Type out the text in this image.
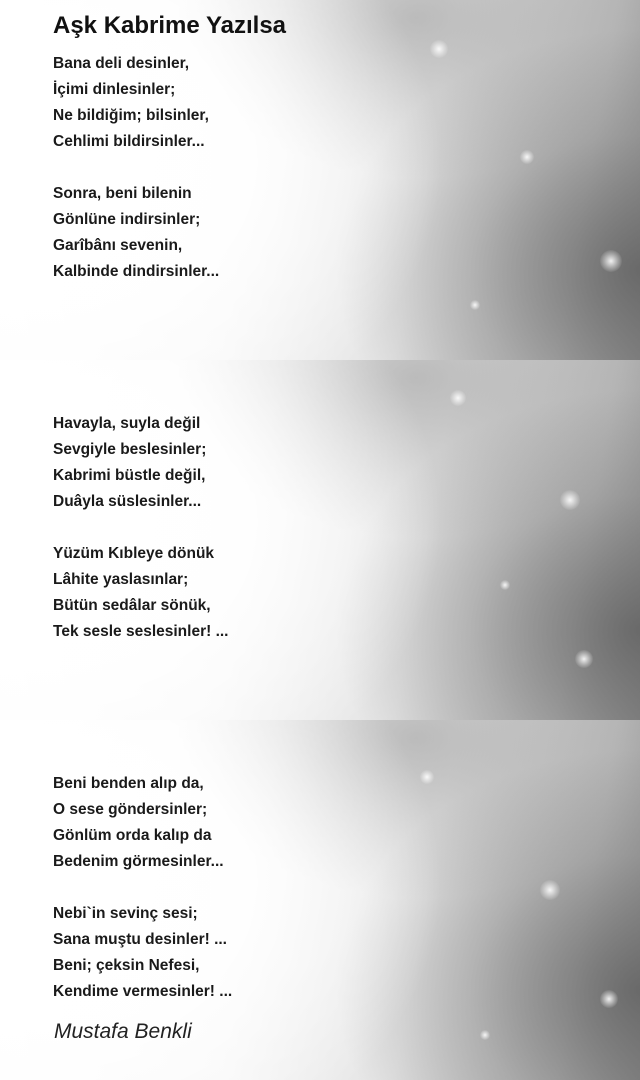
Aşk Kabrime Yazılsa
Bana deli desinler,
İçimi dinlesinler;
Ne bildiğim; bilsinler,
Cehlimi bildirsinler...
Sonra, beni bilenin
Gönlüne indirsinler;
Garîbânı sevenin,
Kalbinde dindirsinler...
Havayla, suyla değil
Sevgiyle beslesinler;
Kabrimi büstle değil,
Duâyla süslesinler...
Yüzüm Kıbleye dönük
Lâhite yaslasınlar;
Bütün sedâlar sönük,
Tek sesle seslesinler! ...
Beni benden alıp da,
O sese göndersinler;
Gönlüm orda kalıp da
Bedenim görmesinler...
Nebi`in sevinç sesi;
Sana muştu desinler! ...
Beni; çeksin Nefesi,
Kendime vermesinler! ...

Mustafa Benkli
